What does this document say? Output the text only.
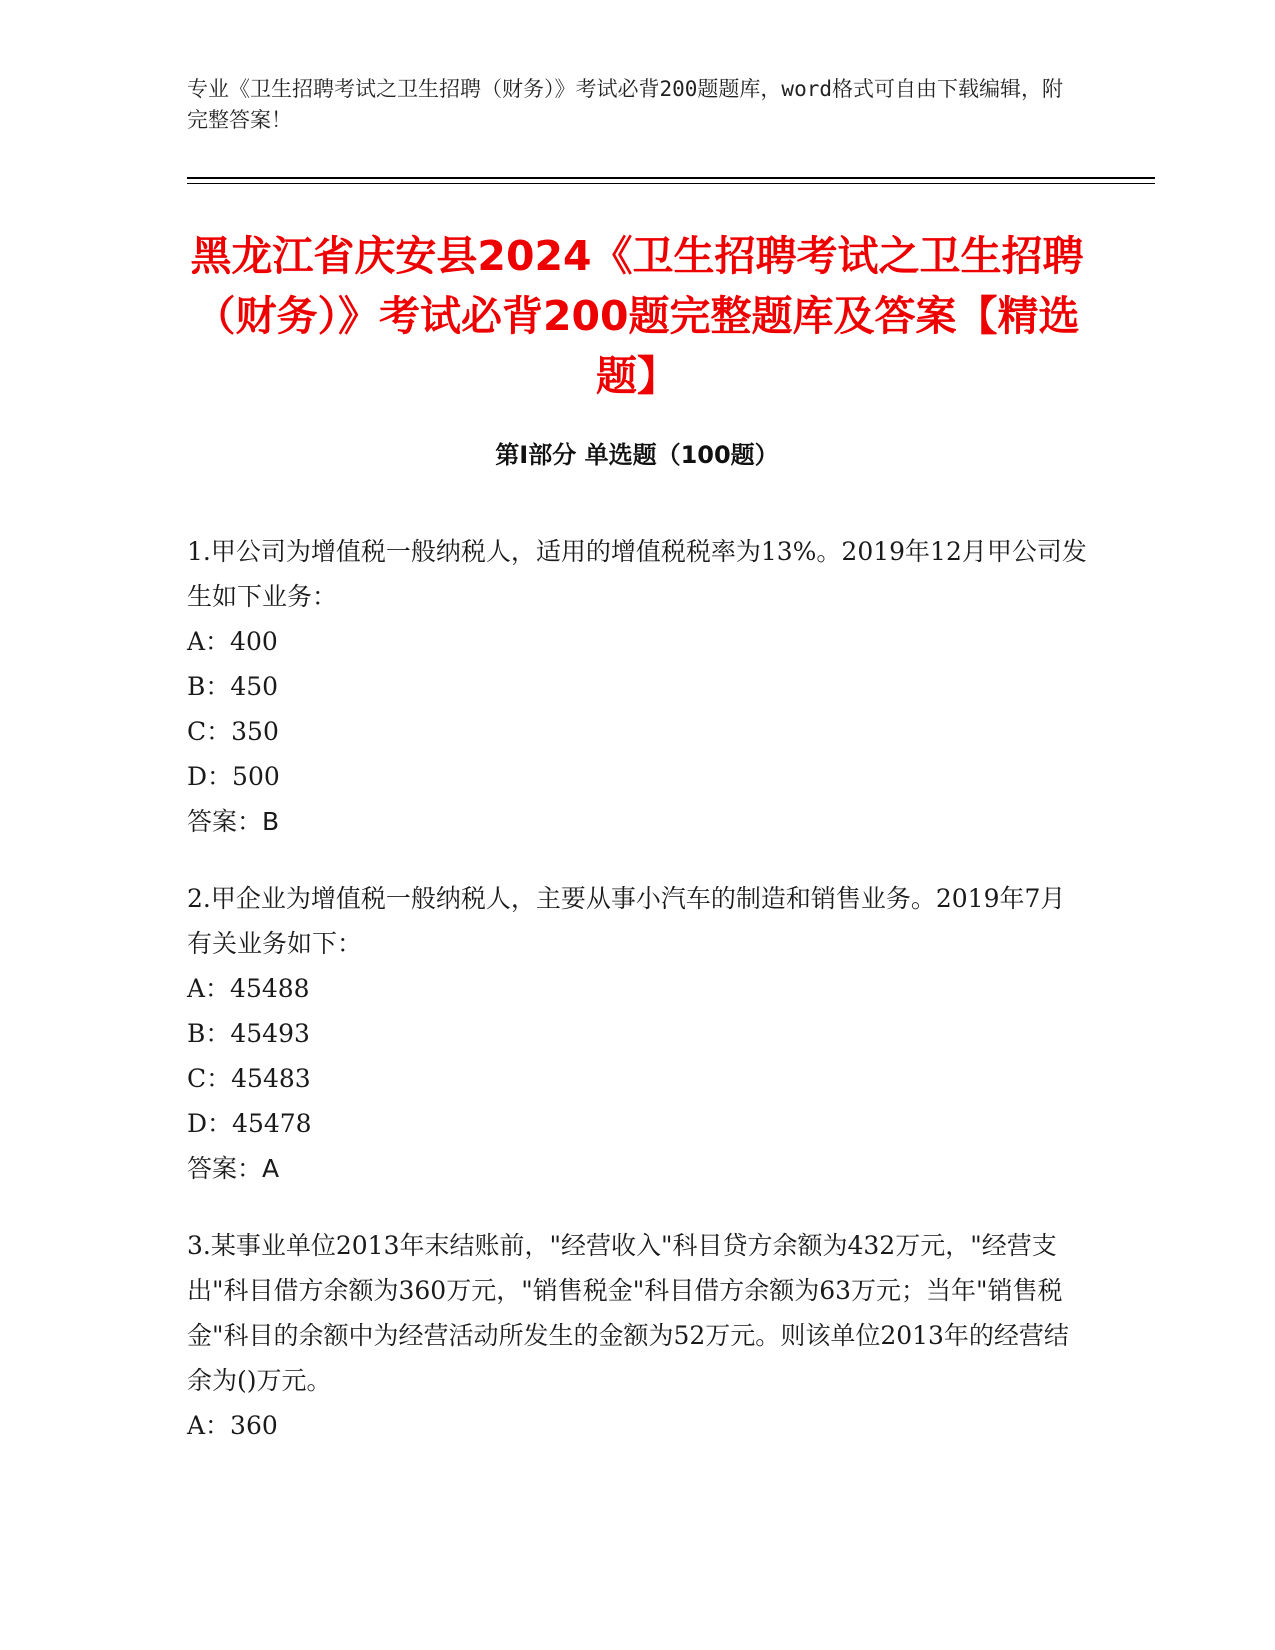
专业《卫生招聘考试之卫生招聘（财务）》考试必背200题题库，word格式可自由下载编辑，附完整答案！
黑龙江省庆安县2024《卫生招聘考试之卫生招聘（财务）》考试必背200题完整题库及答案【精选题】
第Ⅰ部分 单选题（100题）

1.甲公司为增值税一般纳税人，适用的增值税税率为13%。2019年12月甲公司发生如下业务：

A：400

B：450

C：350

D：500

答案：B

2.甲企业为增值税一般纳税人，主要从事小汽车的制造和销售业务。2019年7月有关业务如下：

A：45488

B：45493

C：45483

D：45478

答案：A

3.某事业单位2013年末结账前，"经营收入"科目贷方余额为432万元，"经营支出"科目借方余额为360万元，"销售税金"科目借方余额为63万元；当年"销售税金"科目的余额中为经营活动所发生的金额为52万元。则该单位2013年的经营结余为()万元。

A：360
